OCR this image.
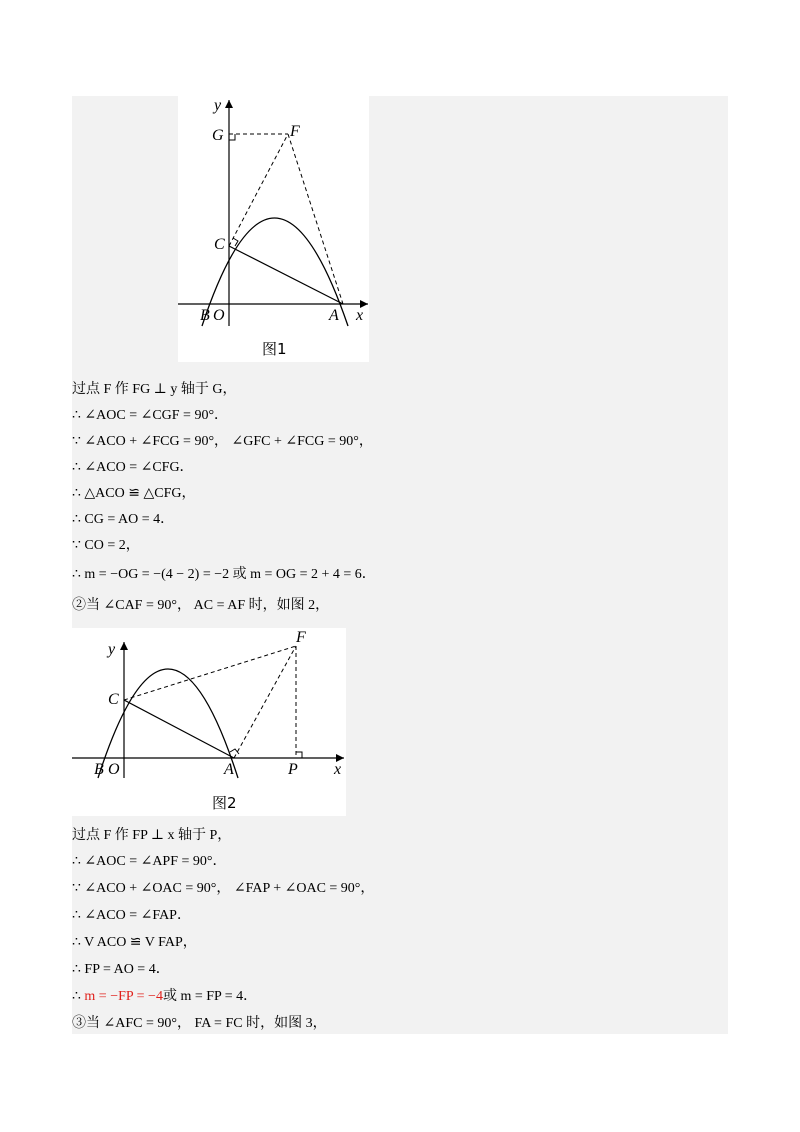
y
x
G	F
C
B O	A
图1
过点 F 作 FG ⊥ y 轴于 G，
∴ ∠AOC = ∠CGF = 90°．
∵ ∠ACO + ∠FCG = 90°， ∠GFC + ∠FCG = 90°，
∴ ∠ACO = ∠CFG．
∴ △ACO ≌ △CFG，
∴ CG = AO = 4．
∵ CO = 2，
∴ m = −OG = −(4 − 2) = −2 或 m = OG = 2 + 4 = 6．
②当 ∠CAF = 90°， AC = AF 时，如图 2，
y
x
F
C
B O	A	P
图2
过点 F 作 FP ⊥ x 轴于 P，
∴ ∠AOC = ∠APF = 90°．
∵ ∠ACO + ∠OAC = 90°， ∠FAP + ∠OAC = 90°，
∴ ∠ACO = ∠FAP．
∴ V ACO ≌ V FAP，
∴ FP = AO = 4．
∴ m = −FP = −4或 m = FP = 4．
③当 ∠AFC = 90°， FA = FC 时，如图 3，
